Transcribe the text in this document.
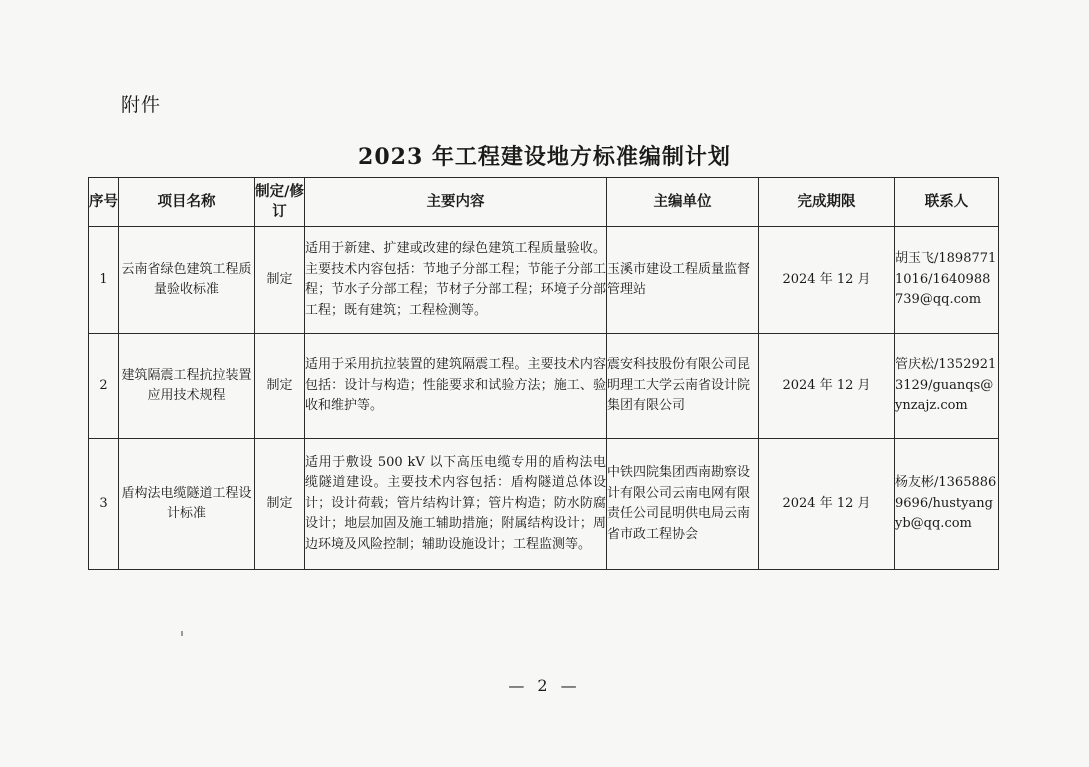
附件
2023 年工程建设地方标准编制计划
序号	项目名称	制定/修订	主要内容	主编单位	完成期限	联系人
1	云南省绿色建筑工程质量验收标准	制定	适用于新建、扩建或改建的绿色建筑工程质量验收。主要技术内容包括：节地子分部工程；节能子分部工程；节水子分部工程；节材子分部工程；环境子分部工程；既有建筑；工程检测等。	玉溪市建设工程质量监督管理站	2024 年 12 月	胡玉飞/18987711016/1640988739@qq.com
2	建筑隔震工程抗拉装置应用技术规程	制定	适用于采用抗拉装置的建筑隔震工程。主要技术内容包括：设计与构造；性能要求和试验方法；施工、验收和维护等。	震安科技股份有限公司昆明理工大学云南省设计院集团有限公司	2024 年 12 月	管庆松/13529213129/guanqs@ynzajz.com
3	盾构法电缆隧道工程设计标准	制定	适用于敷设 500 kV 以下高压电缆专用的盾构法电缆隧道建设。主要技术内容包括：盾构隧道总体设计；设计荷载；管片结构计算；管片构造；防水防腐设计；地层加固及施工辅助措施；附属结构设计；周边环境及风险控制；辅助设施设计；工程监测等。	中铁四院集团西南勘察设计有限公司云南电网有限责任公司昆明供电局云南省市政工程协会	2024 年 12 月	杨友彬/13658869696/hustyangyb@qq.com
— 2 —
